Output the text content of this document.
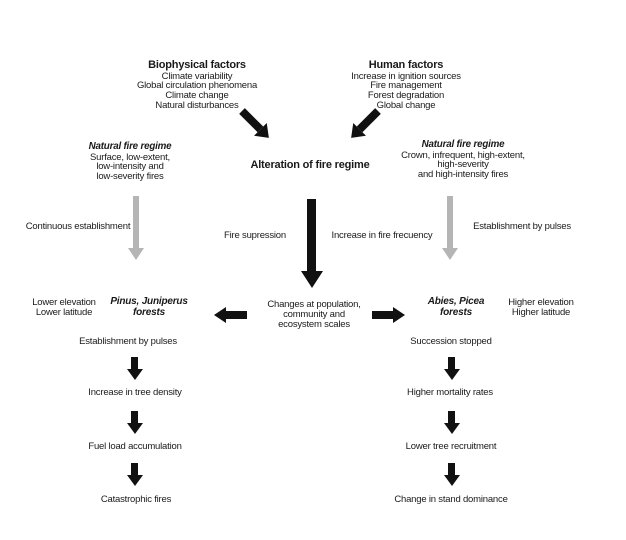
Biophysical factors
Climate variability
Global circulation phenomena
Climate change
Natural disturbances
Human factors
Increase in ignition sources
Fire management
Forest degradation
Global change
Alteration of fire regime
Natural fire regime
Surface, low-extent,
low-intensity and
low-severity fires
Natural fire regime
Crown, infrequent, high-extent,
high-severity
and high-intensity fires
Continuous establishment	Establishment by pulses
Fire supression	Increase in fire frecuency
Lower elevation
Lower latitude
Pinus, Juniperus
forests
Changes at population,
community and
ecosystem scales
Abies, Picea
forests
Higher elevation
Higher latitude
Establishment by pulses
Increase in tree density
Fuel load accumulation
Catastrophic fires
Succession stopped
Higher mortality rates
Lower tree recruitment
Change in stand dominance
